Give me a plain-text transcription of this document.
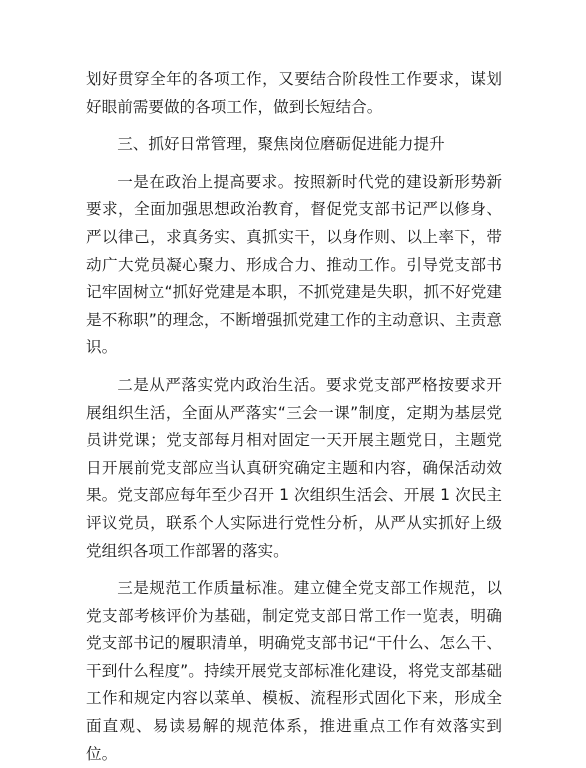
划好贯穿全年的各项工作，又要结合阶段性工作要求，谋划好眼前需要做的各项工作，做到长短结合。

三、抓好日常管理，聚焦岗位磨砺促进能力提升

一是在政治上提高要求。按照新时代党的建设新形势新要求，全面加强思想政治教育，督促党支部书记严以修身、严以律己，求真务实、真抓实干，以身作则、以上率下，带动广大党员凝心聚力、形成合力、推动工作。引导党支部书记牢固树立“抓好党建是本职，不抓党建是失职，抓不好党建是不称职”的理念，不断增强抓党建工作的主动意识、主责意识。

二是从严落实党内政治生活。要求党支部严格按要求开展组织生活，全面从严落实“三会一课”制度，定期为基层党员讲党课；党支部每月相对固定一天开展主题党日，主题党日开展前党支部应当认真研究确定主题和内容，确保活动效果。党支部应每年至少召开 1 次组织生活会、开展 1 次民主评议党员，联系个人实际进行党性分析，从严从实抓好上级党组织各项工作部署的落实。

三是规范工作质量标准。建立健全党支部工作规范，以党支部考核评价为基础，制定党支部日常工作一览表，明确党支部书记的履职清单，明确党支部书记“干什么、怎么干、干到什么程度”。持续开展党支部标准化建设，将党支部基础工作和规定内容以菜单、模板、流程形式固化下来，形成全面直观、易读易解的规范体系，推进重点工作有效落实到位。
